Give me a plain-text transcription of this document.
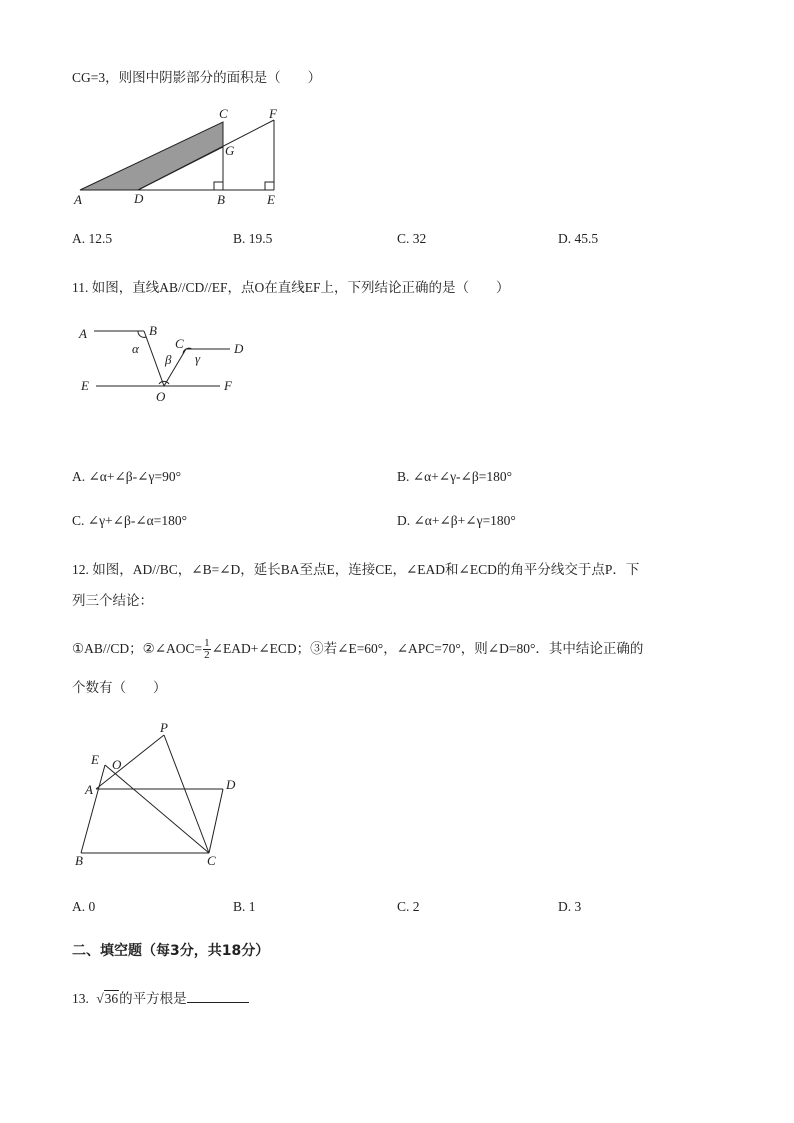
CG=3，则图中阴影部分的面积是（　　）
A	D	B
C
G
F
E
A. 12.5	B. 19.5	C. 32	D. 45.5
11. 如图，直线AB//CD//EF，点O在直线EF上，下列结论正确的是（　　）
A	B
C	D
E	F
O
α
β γ
A. ∠α+∠β-∠γ=90°	B. ∠α+∠γ-∠β=180°
C. ∠γ+∠β-∠α=180°	D. ∠α+∠β+∠γ=180°
12. 如图，AD//BC，∠B=∠D，延长BA至点E，连接CE，∠EAD和∠ECD的角平分线交于点P．下
列三个结论：
①AB//CD；②∠AOC= $\frac{1}{2}$ ∠EAD+∠ECD；③若∠E=60°，∠APC=70°，则∠D=80°．其中结论正确的
个数有（　　）
E O
P
A	D
B	C
A. 0	B. 1	C. 2	D. 3
二、填空题（每3分，共18分）
13. √36的平方根是
